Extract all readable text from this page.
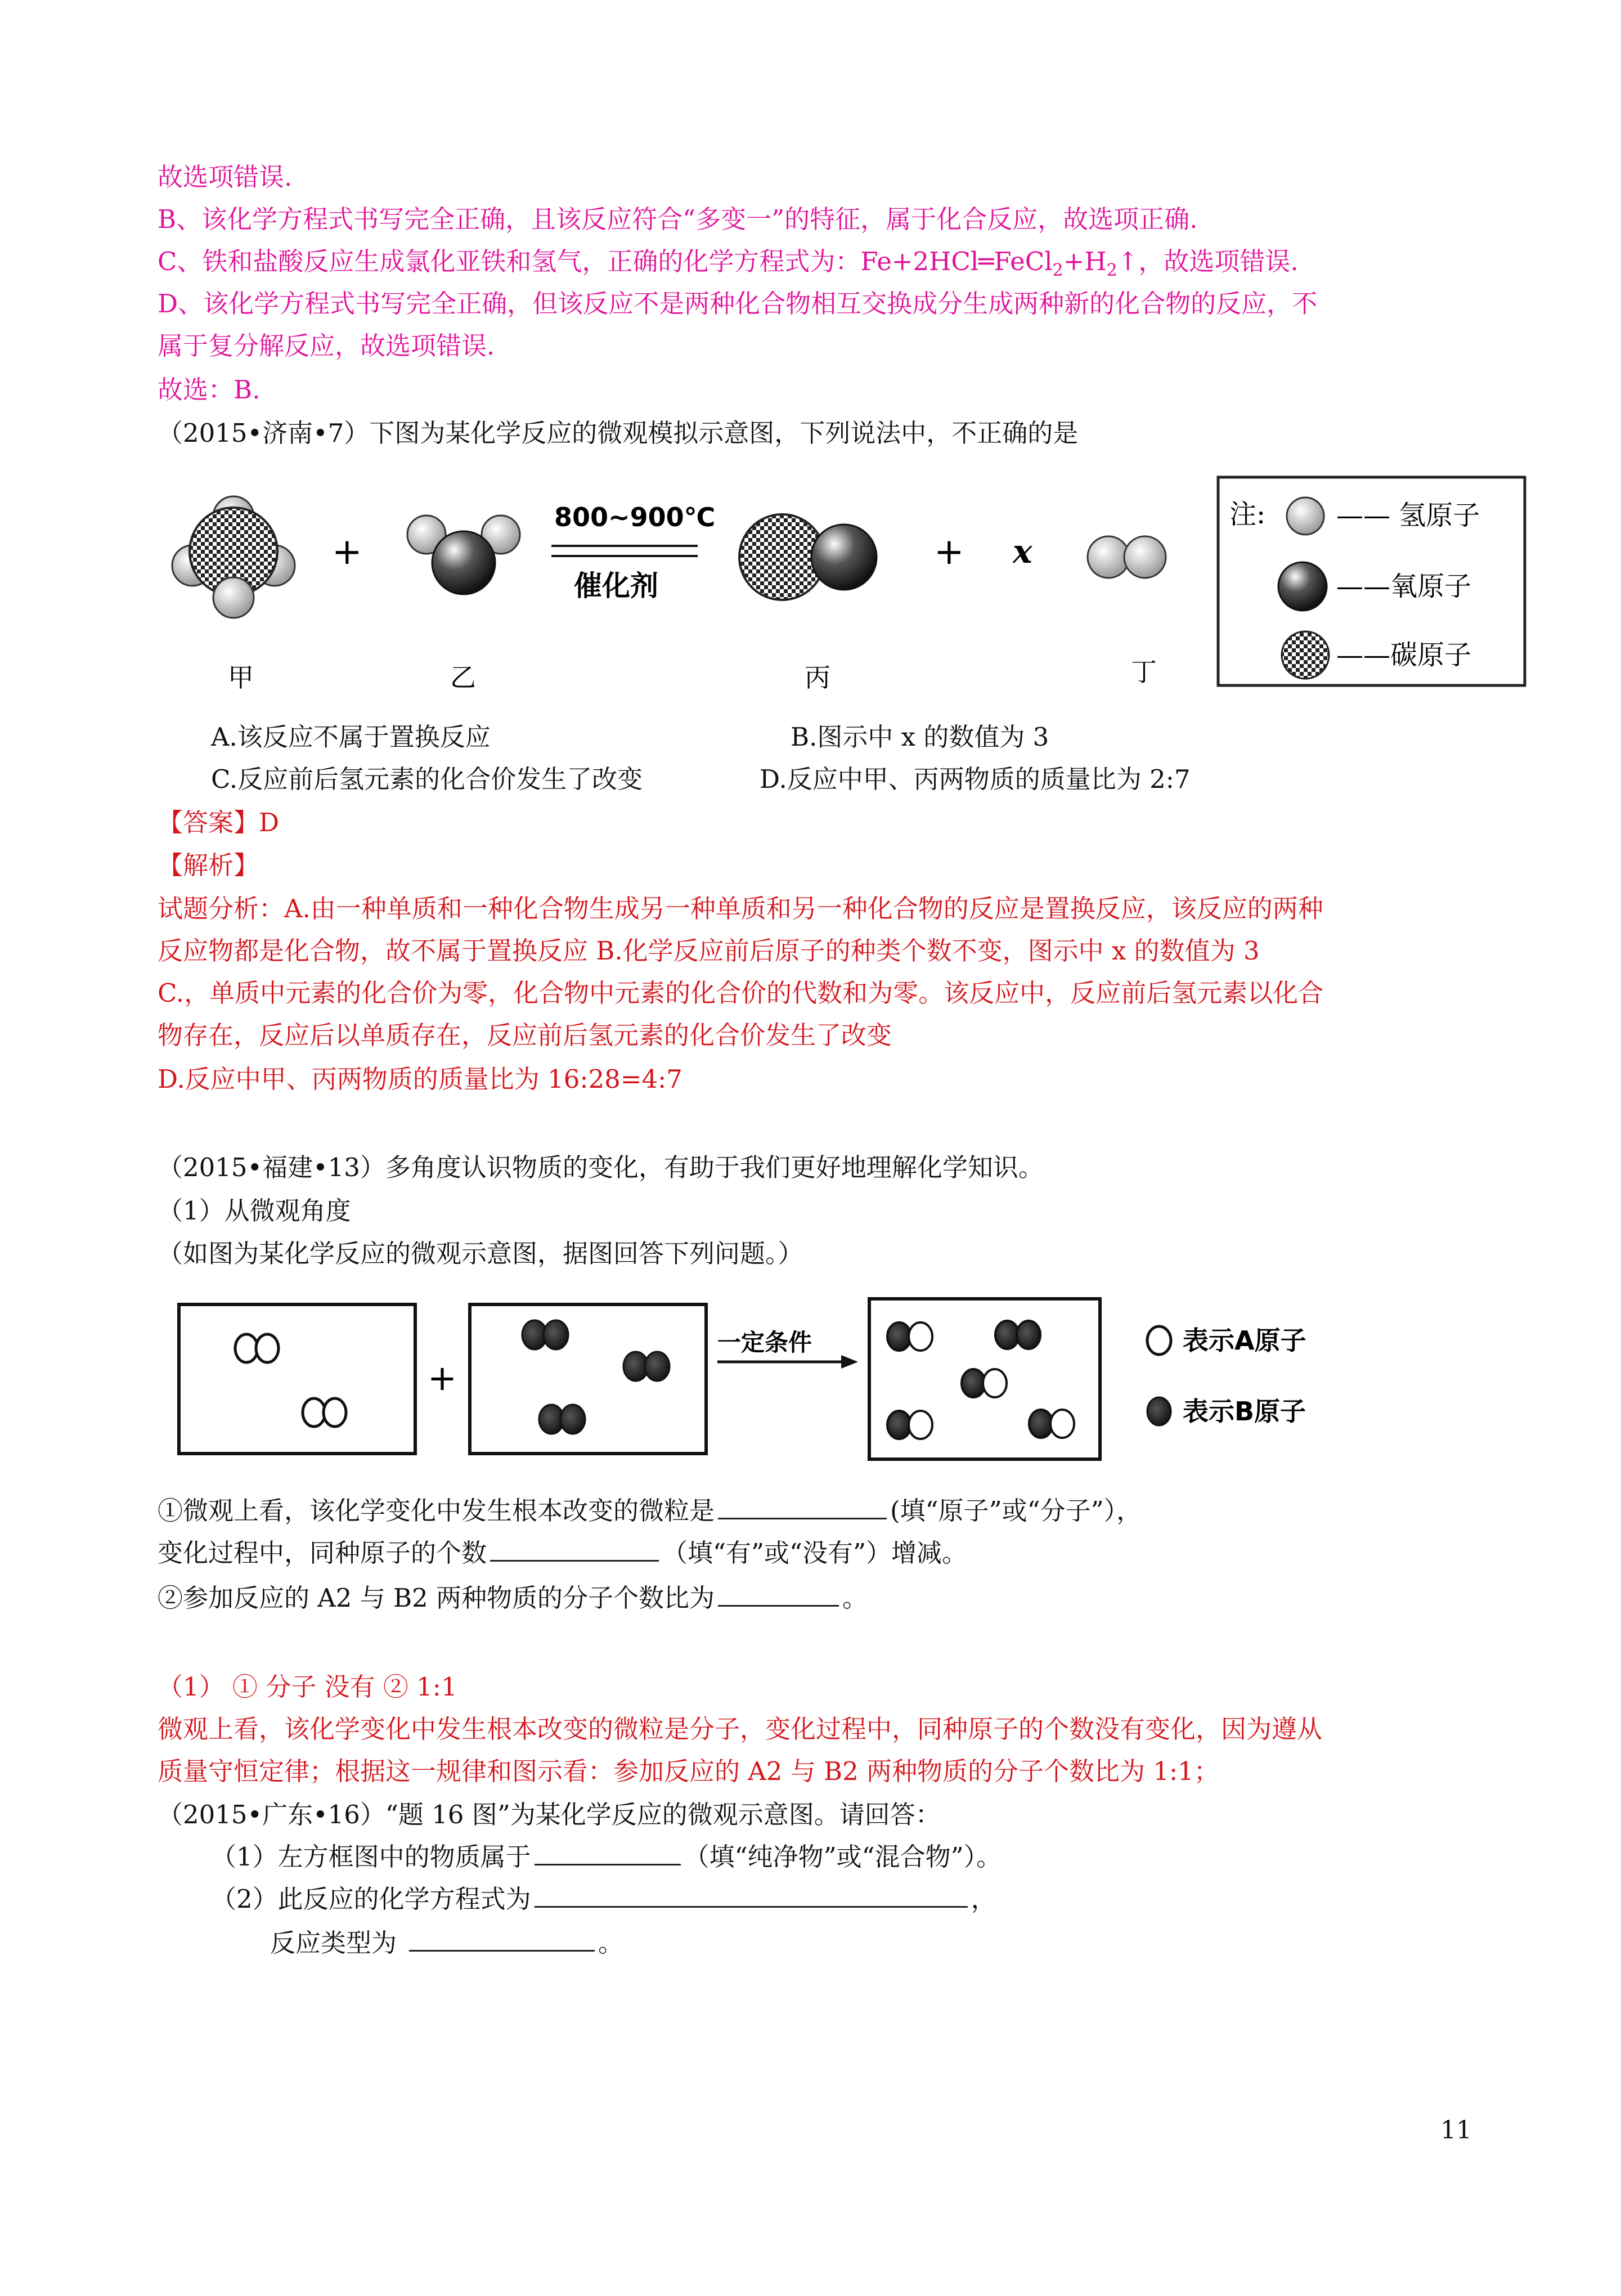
故选项错误.
B、该化学方程式书写完全正确，且该反应符合“多变一”的特征，属于化合反应，故选项正确.
C、铁和盐酸反应生成氯化亚铁和氢气，正确的化学方程式为：$Fe+2HCl═FeCl_2+H_2↑$，故选项错误.
D、该化学方程式书写完全正确，但该反应不是两种化合物相互交换成分生成两种新的化合物的反应，不
属于复分解反应，故选项错误.
故选：B.
（2015•济南•7）下图为某化学反应的微观模拟示意图，下列说法中，不正确的是
甲
+
乙
800~900℃
催化剂
丙
+ x
丁
注:	—— 氢原子
——氧原子
——碳原子
A.该反应不属于置换反应	B.图示中 x 的数值为 3
C.反应前后氢元素的化合价发生了改变	D.反应中甲、丙两物质的质量比为 2:7
【答案】D
【解析】
试题分析：A.由一种单质和一种化合物生成另一种单质和另一种化合物的反应是置换反应，该反应的两种
反应物都是化合物，故不属于置换反应 B.化学反应前后原子的种类个数不变，图示中 x 的数值为 3
C.，单质中元素的化合价为零，化合物中元素的化合价的代数和为零。该反应中，反应前后氢元素以化合
物存在，反应后以单质存在，反应前后氢元素的化合价发生了改变
D.反应中甲、丙两物质的质量比为 16:28=4:7
（2015•福建•13）多角度认识物质的变化，有助于我们更好地理解化学知识。
（1）从微观角度
（如图为某化学反应的微观示意图，据图回答下列问题。）
+
一定条件	表示A原子
表示B原子
①微观上看，该化学变化中发生根本改变的微粒是	(填“原子”或“分子”），
变化过程中，同种原子的个数	（填“有”或“没有”）增减。
②参加反应的 A2 与 B2 两种物质的分子个数比为	。
（1） ① 分子 没有 ② 1:1
微观上看，该化学变化中发生根本改变的微粒是分子，变化过程中，同种原子的个数没有变化，因为遵从
质量守恒定律；根据这一规律和图示看：参加反应的 A2 与 B2 两种物质的分子个数比为 1:1；
（2015•广东•16）“题 16 图”为某化学反应的微观示意图。请回答：
（1）左方框图中的物质属于	（填“纯净物”或“混合物”）。
（2）此反应的化学方程式为	，
反应类型为	。
11
